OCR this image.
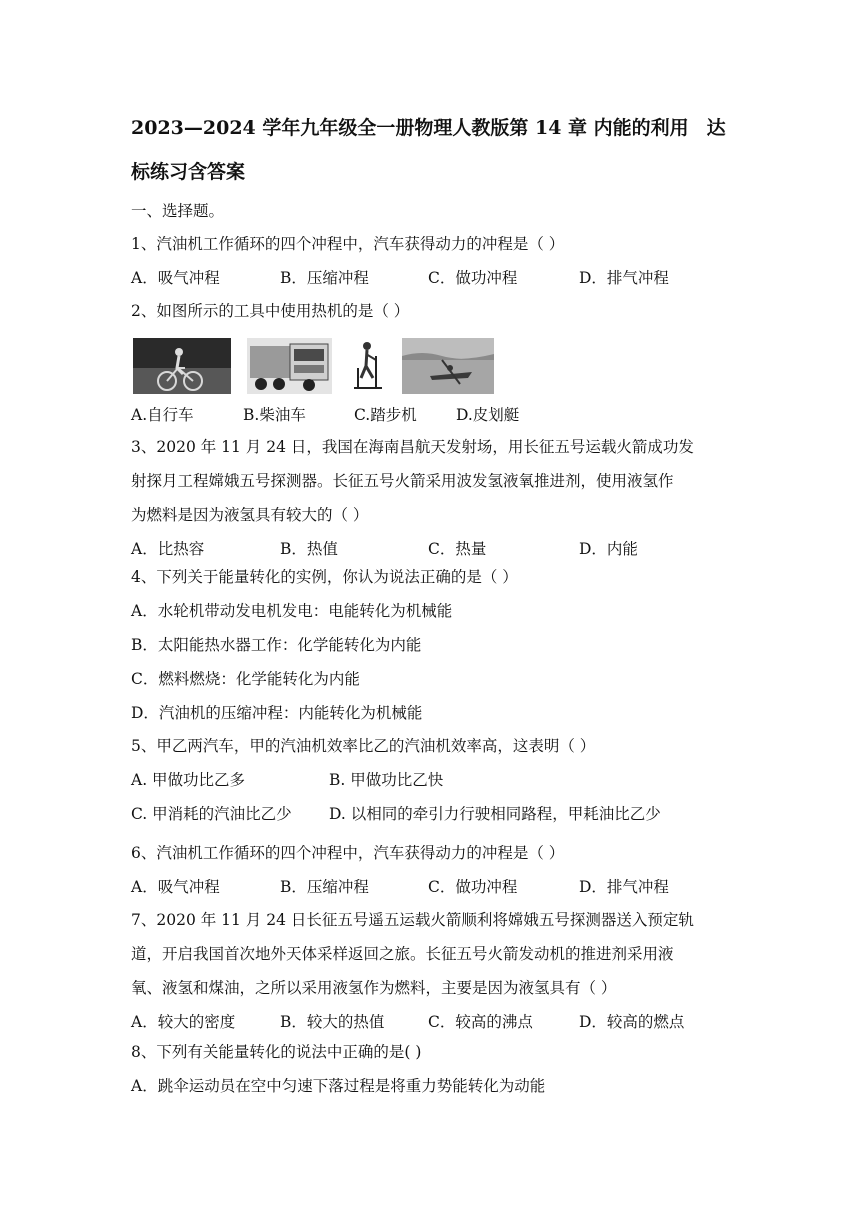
2023—2024 学年九年级全一册物理人教版第 14 章 内能的利用 达
标练习含答案
一、选择题。
1、汽油机工作循环的四个冲程中，汽车获得动力的冲程是（ ）
A．吸气冲程	B．压缩冲程	C．做功冲程	D．排气冲程
2、如图所示的工具中使用热机的是（ ）
A.自行车	B.柴油车	C.踏步机	D.皮划艇
3、2020 年 11 月 24 日，我国在海南昌航天发射场，用长征五号运载火箭成功发
射探月工程嫦娥五号探测器。长征五号火箭采用波发氢液氧推进剂，使用液氢作
为燃料是因为液氢具有较大的（ ）
A．比热容	B．热值	C．热量	D．内能
4、下列关于能量转化的实例，你认为说法正确的是（ ）
A．水轮机带动发电机发电：电能转化为机械能
B．太阳能热水器工作：化学能转化为内能
C．燃料燃烧：化学能转化为内能
D．汽油机的压缩冲程：内能转化为机械能
5、甲乙两汽车，甲的汽油机效率比乙的汽油机效率高，这表明（ ）
A. 甲做功比乙多	B. 甲做功比乙快
C. 甲消耗的汽油比乙少 D. 以相同的牵引力行驶相同路程，甲耗油比乙少
6、汽油机工作循环的四个冲程中，汽车获得动力的冲程是（ ）
A．吸气冲程	B．压缩冲程	C．做功冲程	D．排气冲程
7、2020 年 11 月 24 日长征五号遥五运载火箭顺利将嫦娥五号探测器送入预定轨
道，开启我国首次地外天体采样返回之旅。长征五号火箭发动机的推进剂采用液
氧、液氢和煤油，之所以采用液氢作为燃料，主要是因为液氢具有（ ）
A．较大的密度	B．较大的热值	C．较高的沸点	D．较高的燃点
8、下列有关能量转化的说法中正确的是( )
A．跳伞运动员在空中匀速下落过程是将重力势能转化为动能
